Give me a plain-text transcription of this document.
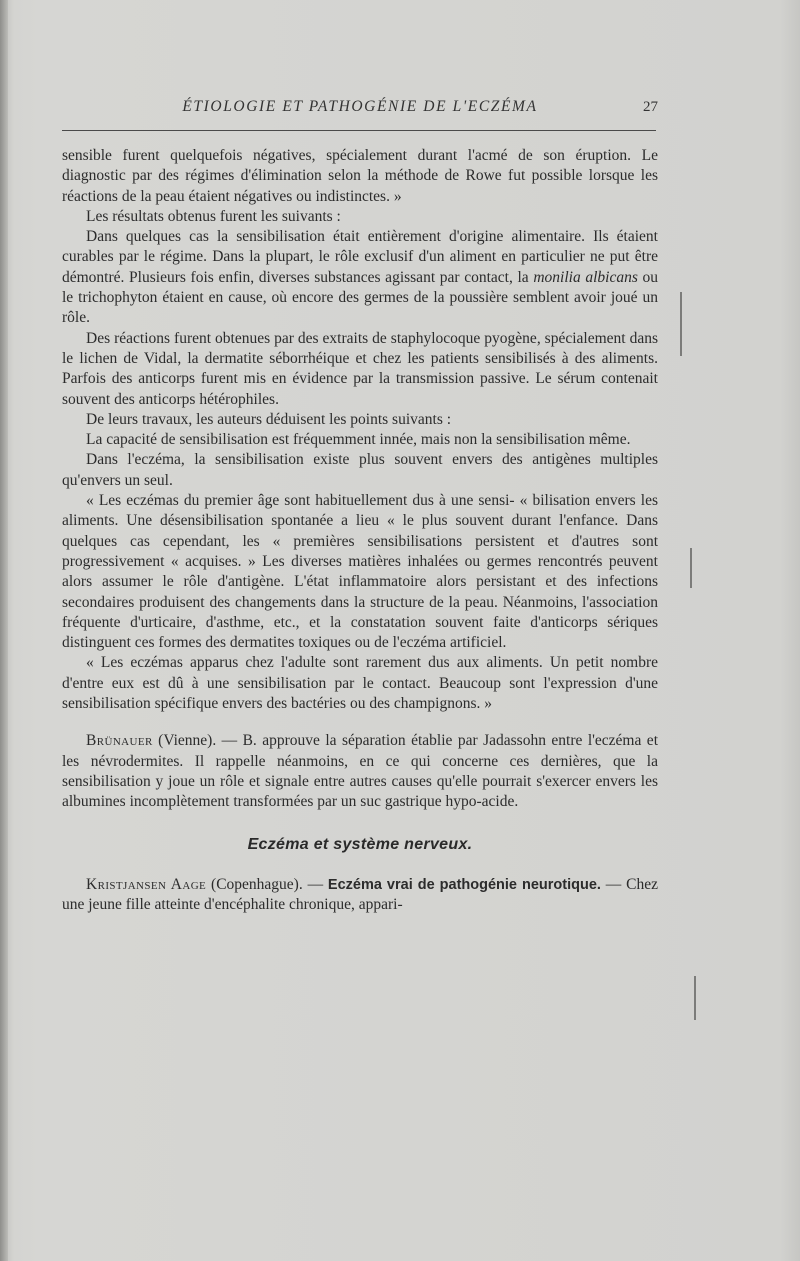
ÉTIOLOGIE ET PATHOGÉNIE DE L'ECZÉMA	27

sensible furent quelquefois négatives, spécialement durant l'acmé de son éruption. Le diagnostic par des régimes d'élimination selon la méthode de Rowe fut possible lorsque les réactions de la peau étaient négatives ou indistinctes. »

Les résultats obtenus furent les suivants :

Dans quelques cas la sensibilisation était entièrement d'origine alimentaire. Ils étaient curables par le régime. Dans la plupart, le rôle exclusif d'un aliment en particulier ne put être démontré. Plusieurs fois enfin, diverses substances agissant par contact, la monilia albicans ou le trichophyton étaient en cause, où encore des germes de la poussière semblent avoir joué un rôle.

Des réactions furent obtenues par des extraits de staphylocoque pyogène, spécialement dans le lichen de Vidal, la dermatite séborrhéique et chez les patients sensibilisés à des aliments. Parfois des anticorps furent mis en évidence par la transmission passive. Le sérum contenait souvent des anticorps hétérophiles.

De leurs travaux, les auteurs déduisent les points suivants :

La capacité de sensibilisation est fréquemment innée, mais non la sensibilisation même.

Dans l'eczéma, la sensibilisation existe plus souvent envers des antigènes multiples qu'envers un seul.

« Les eczémas du premier âge sont habituellement dus à une sensi- « bilisation envers les aliments. Une désensibilisation spontanée a lieu « le plus souvent durant l'enfance. Dans quelques cas cependant, les « premières sensibilisations persistent et d'autres sont progressivement « acquises. » Les diverses matières inhalées ou germes rencontrés peuvent alors assumer le rôle d'antigène. L'état inflammatoire alors persistant et des infections secondaires produisent des changements dans la structure de la peau. Néanmoins, l'association fréquente d'urticaire, d'asthme, etc., et la constatation souvent faite d'anticorps sériques distinguent ces formes des dermatites toxiques ou de l'eczéma artificiel.

« Les eczémas apparus chez l'adulte sont rarement dus aux aliments. Un petit nombre d'entre eux est dû à une sensibilisation par le contact. Beaucoup sont l'expression d'une sensibilisation spécifique envers des bactéries ou des champignons. »

Brünauer (Vienne). — B. approuve la séparation établie par Jadassohn entre l'eczéma et les névrodermites. Il rappelle néanmoins, en ce qui concerne ces dernières, que la sensibilisation y joue un rôle et signale entre autres causes qu'elle pourrait s'exercer envers les albumines incomplètement transformées par un suc gastrique hypo-acide.

Eczéma et système nerveux.

Kristjansen Aage (Copenhague). — Eczéma vrai de pathogénie neurotique. — Chez une jeune fille atteinte d'encéphalite chronique, appari-
